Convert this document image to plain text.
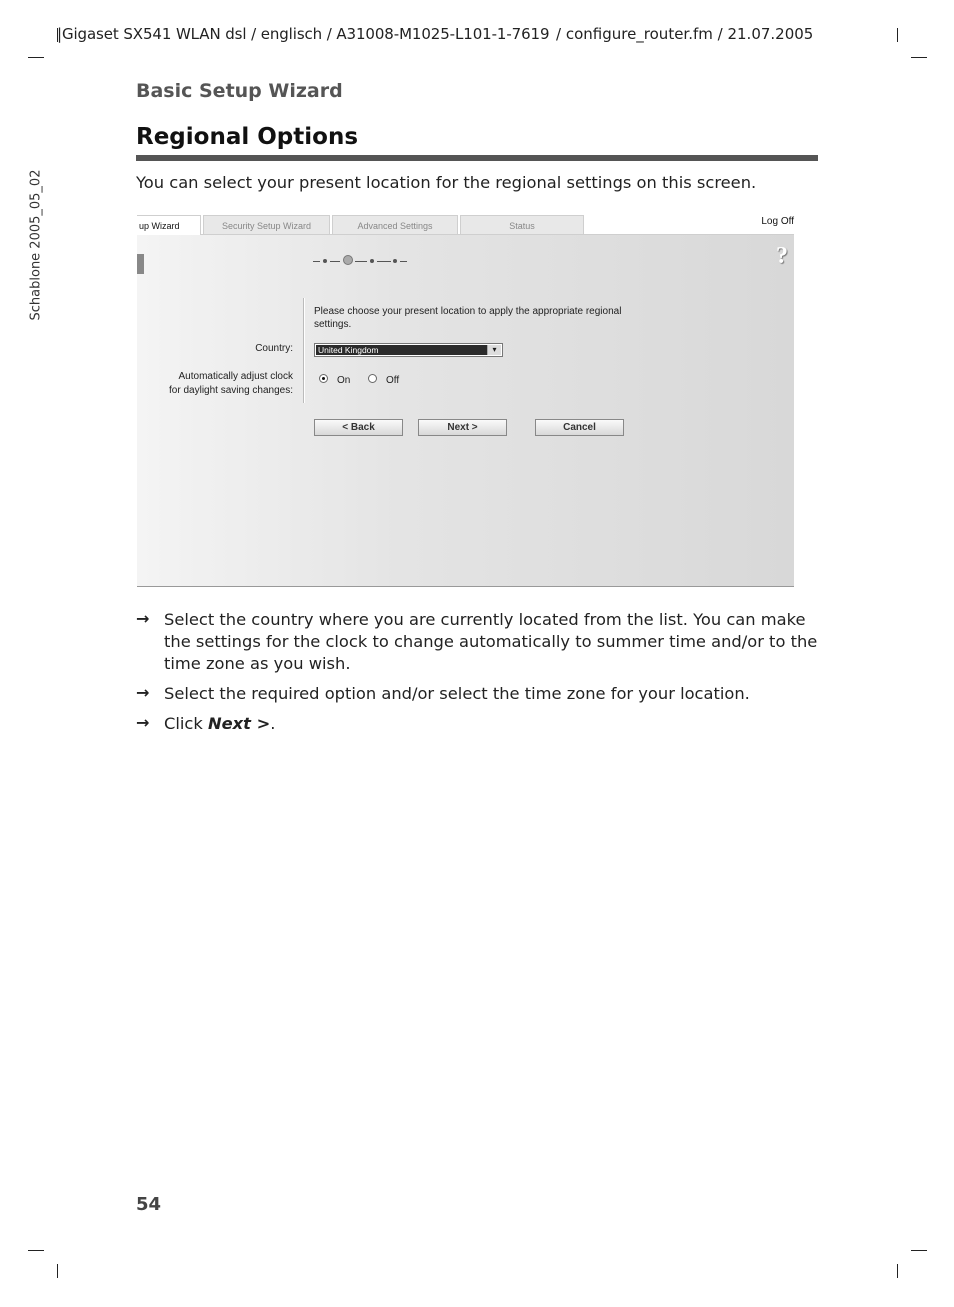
|Gigaset SX541 WLAN dsl / englisch / A31008-M1025-L101-1-7619 / configure_router.fm / 21.07.2005
Schablone 2005_05_02
Basic Setup Wizard
Regional Options
You can select your present location for the regional settings on this screen.
up Wizard	Security Setup Wizard	Advanced Settings	Status	Log Off
?
Please choose your present location to apply the appropriate regional settings.
Country:	United Kingdom	▾
Automatically adjust clock
for daylight saving changes:
On	Off
< Back	Next >	Cancel
→ Select the country where you are currently located from the list. You can make the settings for the clock to change automatically to summer time and/or to the time zone as you wish.
→ Select the required option and/or select the time zone for your location.
→ Click Next >.
54
